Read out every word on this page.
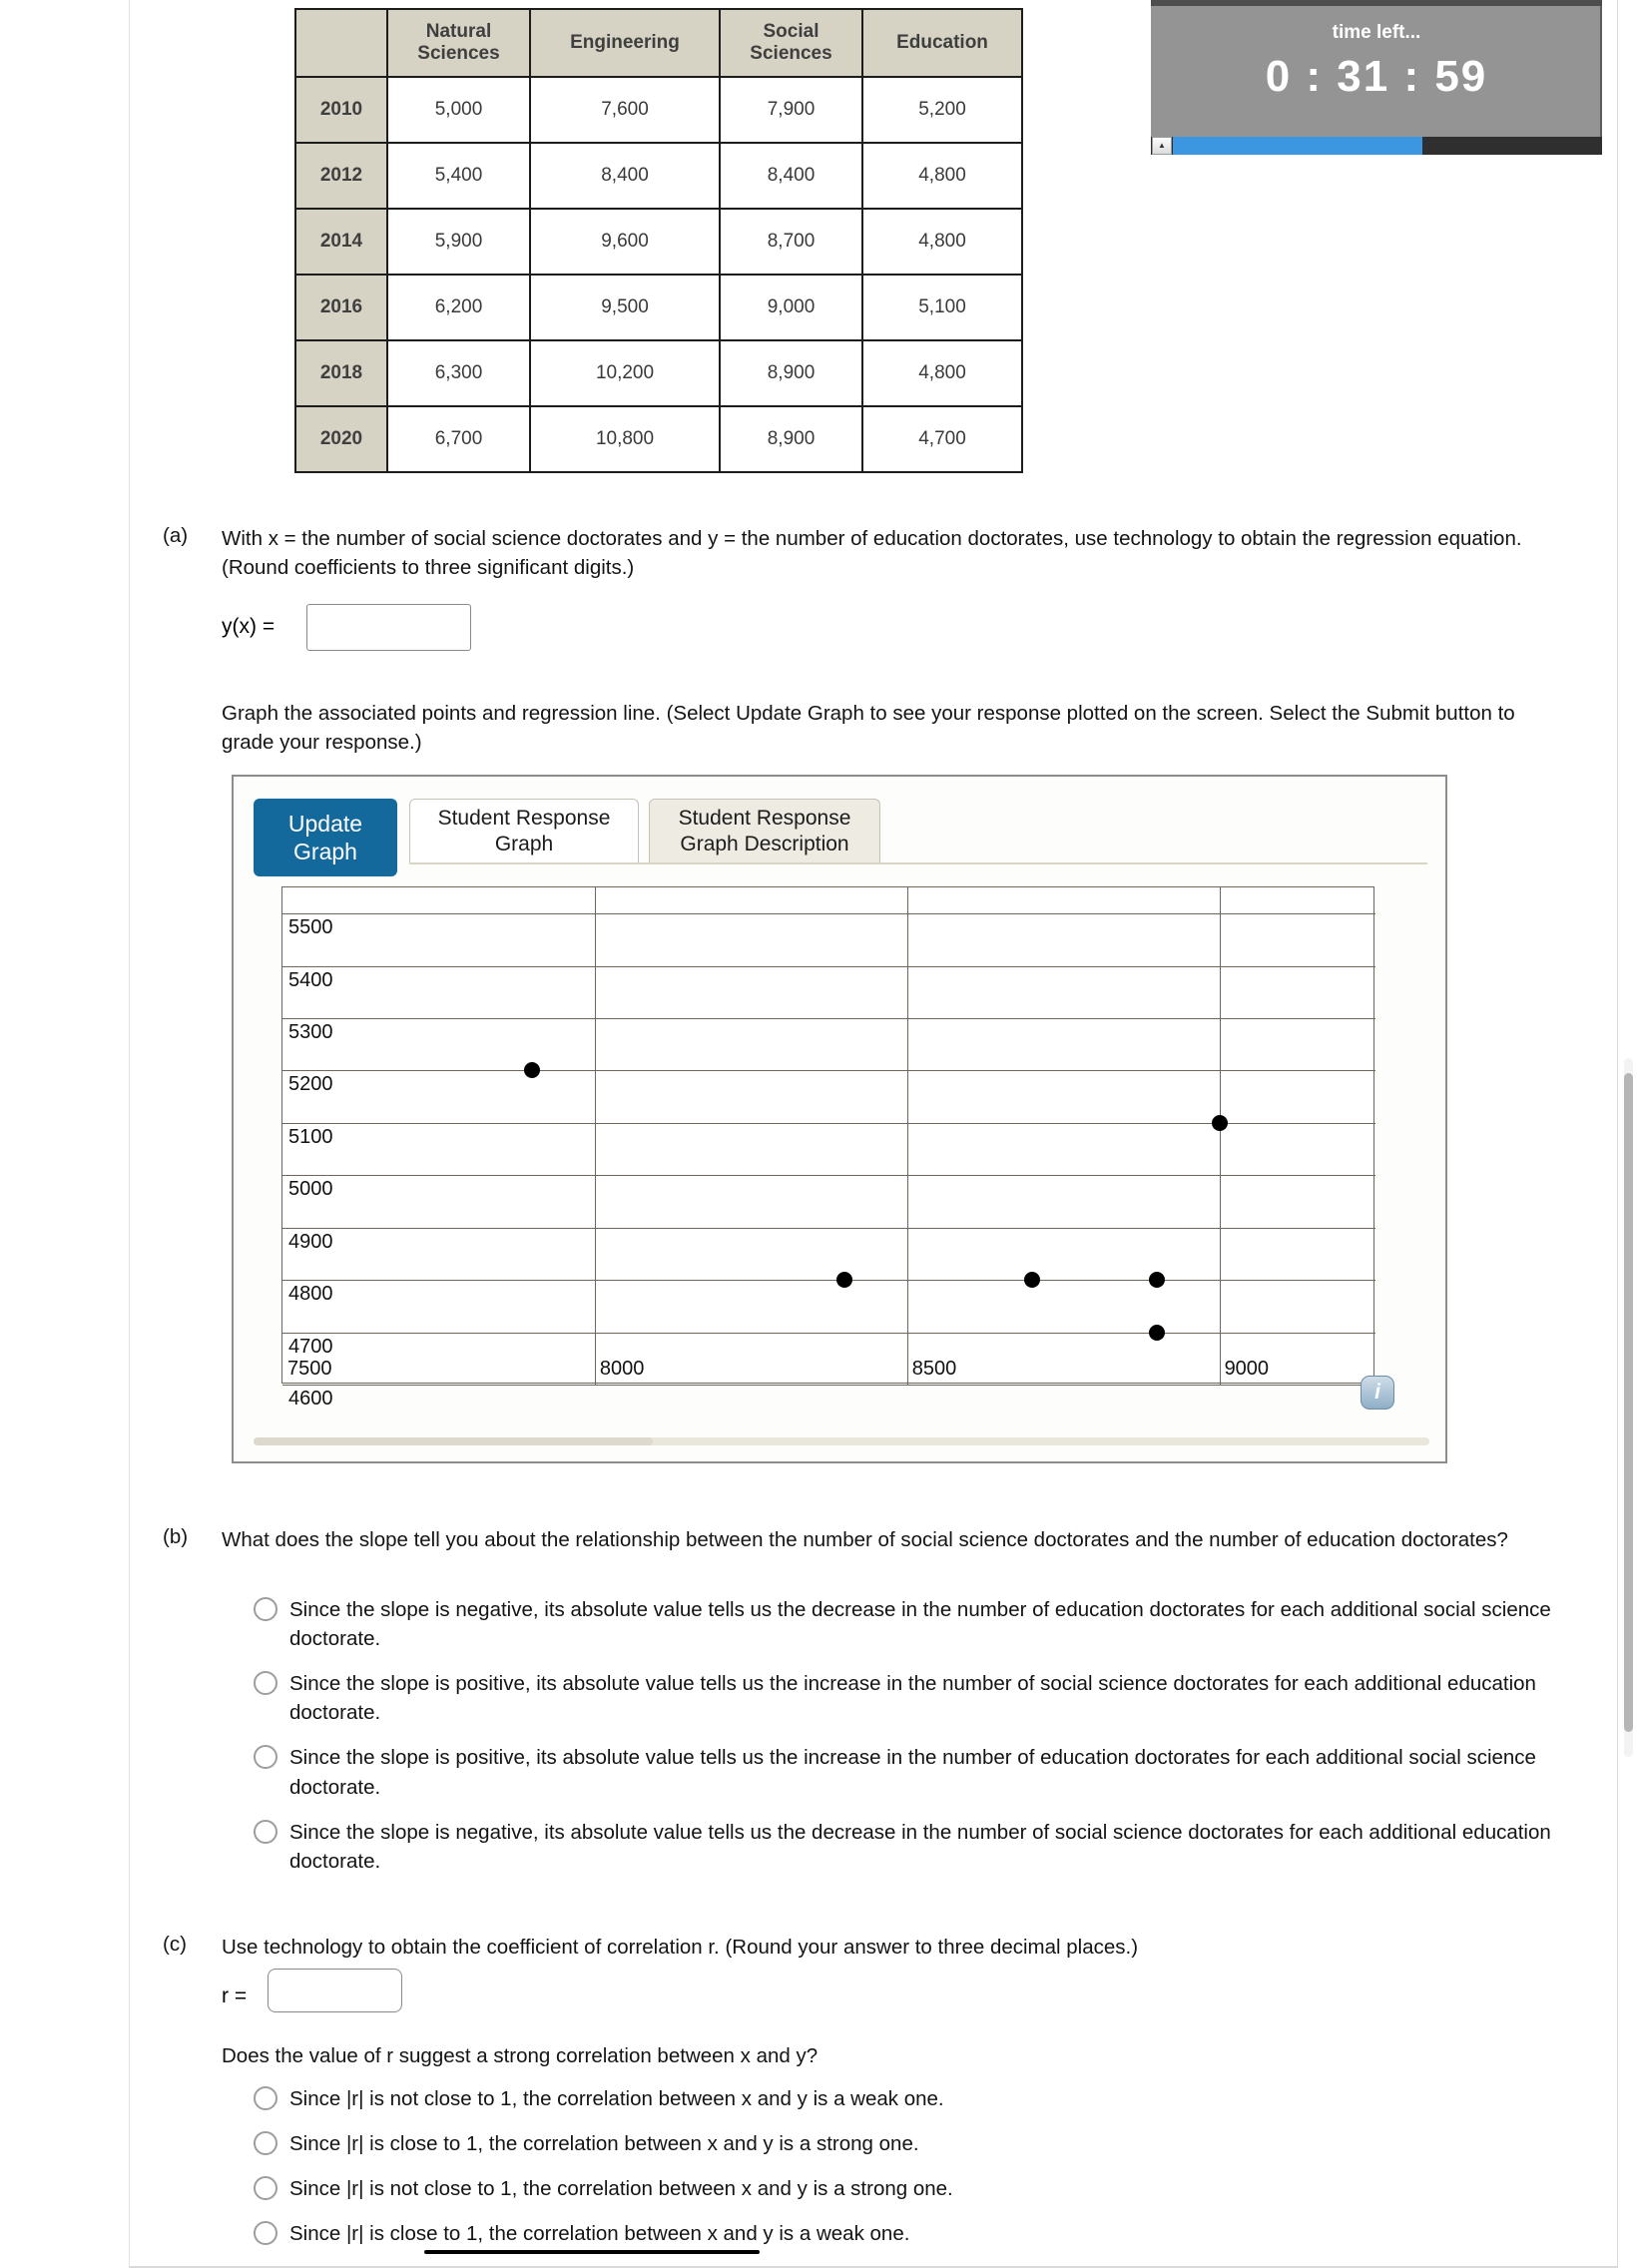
time left...
0 : 31 : 59
▲
	Natural Sciences	Engineering	Social Sciences	Education
2010	5,000	7,600	7,900	5,200
2012	5,400	8,400	8,400	4,800
2014	5,900	9,600	8,700	4,800
2016	6,200	9,500	9,000	5,100
2018	6,300	10,200	8,900	4,800
2020	6,700	10,800	8,900	4,700
(a) With x = the number of social science doctorates and y = the number of education doctorates, use technology to obtain the regression equation. (Round coefficients to three significant digits.)
y(x) =
Graph the associated points and regression line. (Select Update Graph to see your response plotted on the screen. Select the Submit button to grade your response.)
Update Graph
Student Response Graph
Student Response Graph Description
5500
5400
5300
5200
5100
5000
4900
4800
4700
4600
7500	8000	8500	9000
i
(b) What does the slope tell you about the relationship between the number of social science doctorates and the number of education doctorates?
Since the slope is negative, its absolute value tells us the decrease in the number of education doctorates for each additional social science doctorate.
Since the slope is positive, its absolute value tells us the increase in the number of social science doctorates for each additional education doctorate.
Since the slope is positive, its absolute value tells us the increase in the number of education doctorates for each additional social science doctorate.
Since the slope is negative, its absolute value tells us the decrease in the number of social science doctorates for each additional education doctorate.
(c) Use technology to obtain the coefficient of correlation r. (Round your answer to three decimal places.)
r =
Does the value of r suggest a strong correlation between x and y?
Since |r| is not close to 1, the correlation between x and y is a weak one.
Since |r| is close to 1, the correlation between x and y is a strong one.
Since |r| is not close to 1, the correlation between x and y is a strong one.
Since |r| is close to 1, the correlation between x and y is a weak one.
